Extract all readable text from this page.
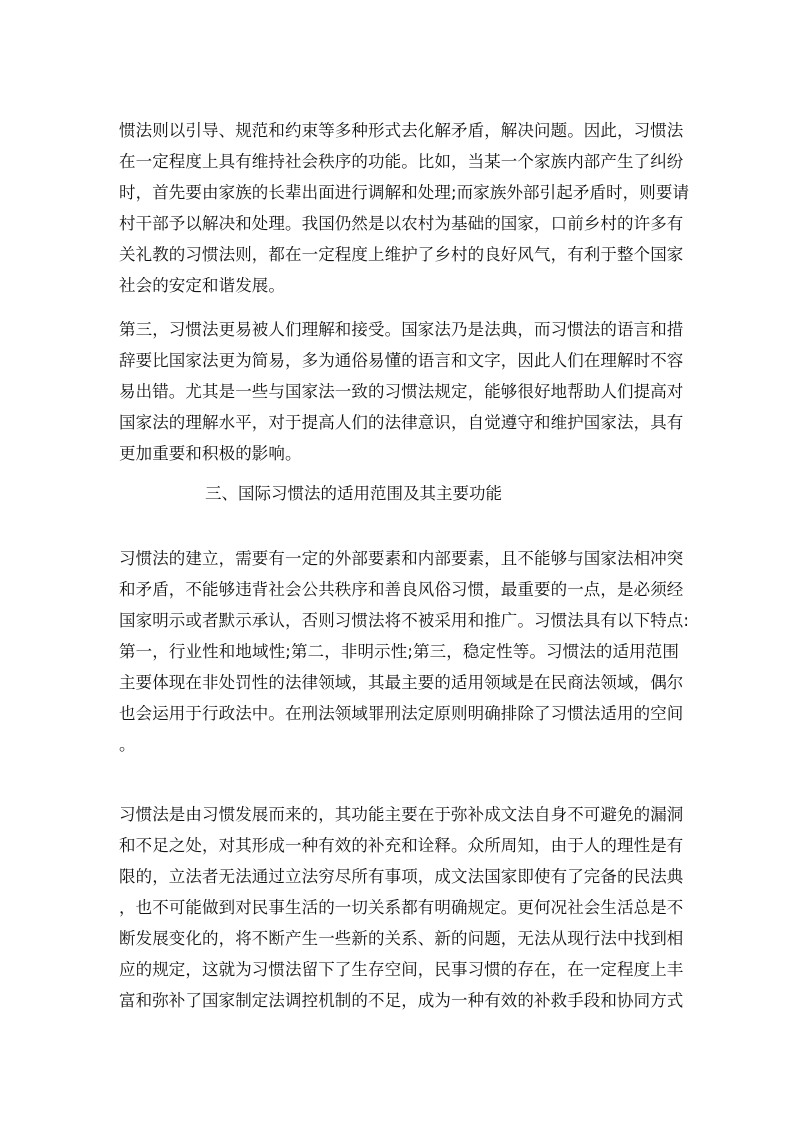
惯法则以引导、规范和约束等多种形式去化解矛盾，解决问题。因此，习惯法
在一定程度上具有维持社会秩序的功能。比如，当某一个家族内部产生了纠纷
时，首先要由家族的长辈出面进行调解和处理;而家族外部引起矛盾时，则要请
村干部予以解决和处理。我国仍然是以农村为基础的国家，口前乡村的许多有
关礼教的习惯法则，都在一定程度上维护了乡村的良好风气，有利于整个国家
社会的安定和谐发展。
第三，习惯法更易被人们理解和接受。国家法乃是法典，而习惯法的语言和措
辞要比国家法更为简易，多为通俗易懂的语言和文字，因此人们在理解时不容
易出错。尤其是一些与国家法一致的习惯法规定，能够很好地帮助人们提高对
国家法的理解水平，对于提高人们的法律意识，自觉遵守和维护国家法，具有
更加重要和积极的影响。
三、国际习惯法的适用范围及其主要功能
习惯法的建立，需要有一定的外部要素和内部要素，且不能够与国家法相冲突
和矛盾，不能够违背社会公共秩序和善良风俗习惯，最重要的一点，是必须经
国家明示或者默示承认，否则习惯法将不被采用和推广。习惯法具有以下特点:
第一，行业性和地域性;第二，非明示性;第三，稳定性等。习惯法的适用范围
主要体现在非处罚性的法律领域，其最主要的适用领域是在民商法领域，偶尔
也会运用于行政法中。在刑法领域罪刑法定原则明确排除了习惯法适用的空间
。
习惯法是由习惯发展而来的，其功能主要在于弥补成文法自身不可避免的漏洞
和不足之处，对其形成一种有效的补充和诠释。众所周知，由于人的理性是有
限的，立法者无法通过立法穷尽所有事项，成文法国家即使有了完备的民法典
，也不可能做到对民事生活的一切关系都有明确规定。更何况社会生活总是不
断发展变化的，将不断产生一些新的关系、新的问题，无法从现行法中找到相
应的规定，这就为习惯法留下了生存空间，民事习惯的存在，在一定程度上丰
富和弥补了国家制定法调控机制的不足，成为一种有效的补救手段和协同方式
